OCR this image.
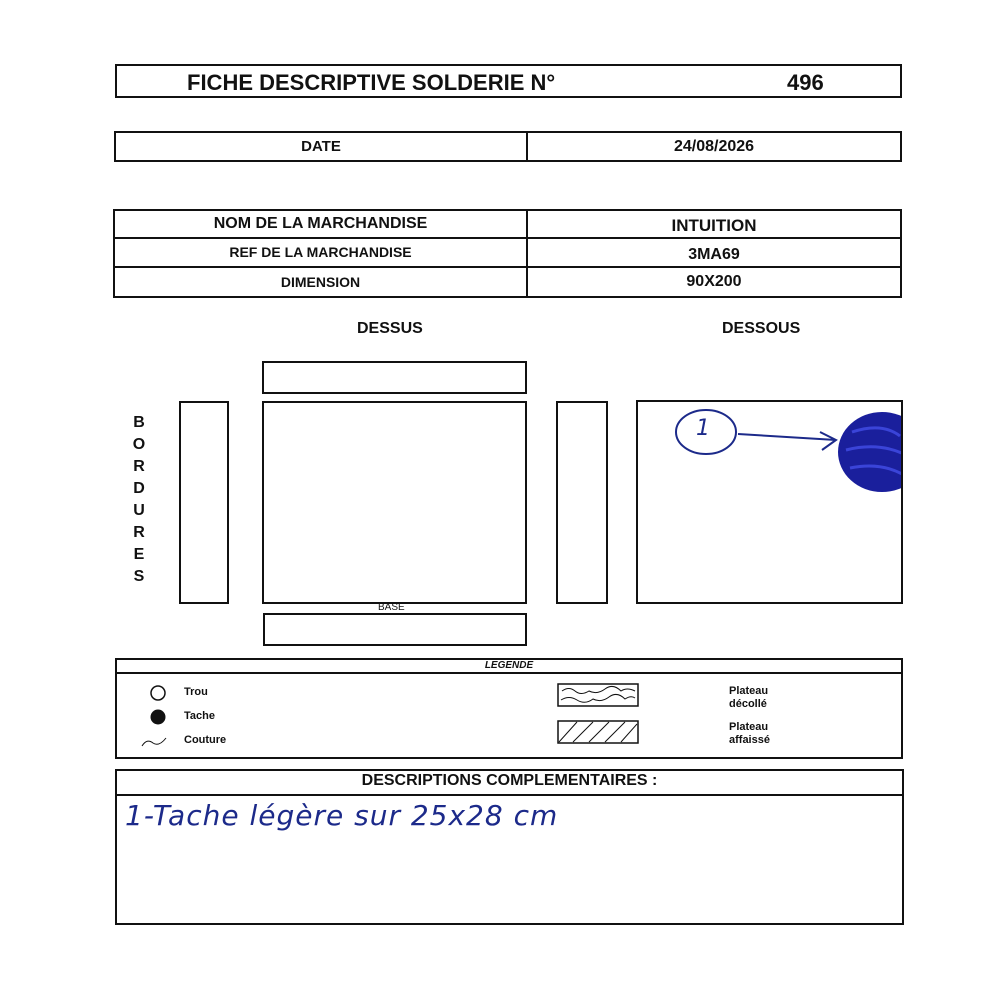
FICHE DESCRIPTIVE SOLDERIE N°	496
DATE	24/08/2026
NOM DE LA MARCHANDISE	INTUITION
REF DE LA MARCHANDISE	3MA69
DIMENSION	90X200
DESSUS	DESSOUS
BORDURES
1
BASE
LEGENDE
Trou
Tache
Couture
Plateau
décollé
Plateau
affaissé
DESCRIPTIONS COMPLEMENTAIRES :
1-Tache légère sur 25x28 cm
